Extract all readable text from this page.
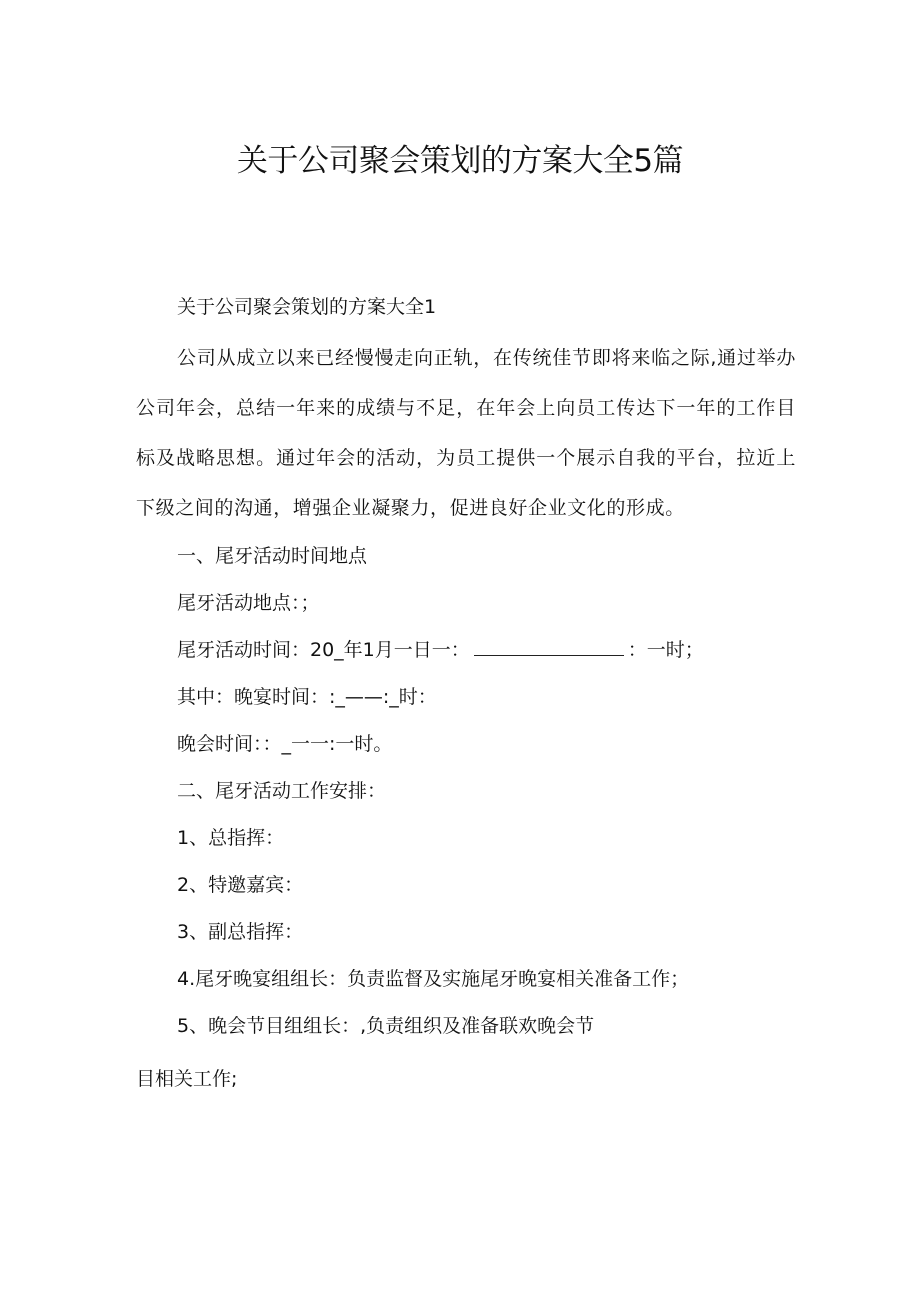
关于公司聚会策划的方案大全5篇

关于公司聚会策划的方案大全1

公司从成立以来已经慢慢走向正轨，在传统佳节即将来临之际,通过举办公司年会，总结一年来的成绩与不足，在年会上向员工传达下一年的工作目标及战略思想。通过年会的活动，为员工提供一个展示自我的平台，拉近上下级之间的沟通，增强企业凝聚力，促进良好企业文化的形成。

一、尾牙活动时间地点

尾牙活动地点：；

尾牙活动时间：20_年1月一日一：	：一时；

其中：晚宴时间：:_——:_时：

晚会时间：：_一一:一时。

二、尾牙活动工作安排：

1、总指挥：

2、特邀嘉宾：

3、副总指挥：

4.尾牙晚宴组组长：负责监督及实施尾牙晚宴相关准备工作；

5、晚会节目组组长：,负责组织及准备联欢晚会节

目相关工作;
